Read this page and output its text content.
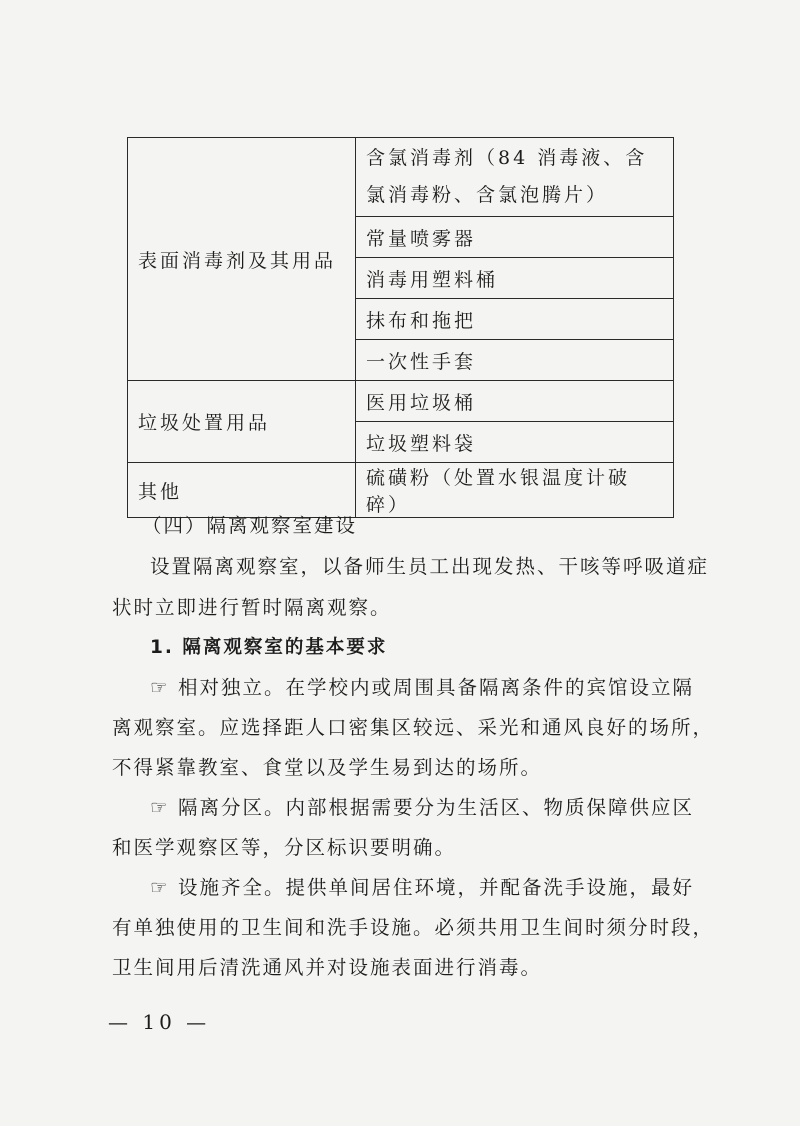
表面消毒剂及其用品	含氯消毒剂（84 消毒液、含氯消毒粉、含氯泡腾片）
	常量喷雾器
	消毒用塑料桶
	抹布和拖把
	一次性手套
垃圾处置用品	医用垃圾桶
	垃圾塑料袋
其他	硫磺粉（处置水银温度计破碎）
（四）隔离观察室建设
设置隔离观察室，以备师生员工出现发热、干咳等呼吸道症
状时立即进行暂时隔离观察。
1. 隔离观察室的基本要求
☞ 相对独立。在学校内或周围具备隔离条件的宾馆设立隔
离观察室。应选择距人口密集区较远、采光和通风良好的场所，
不得紧靠教室、食堂以及学生易到达的场所。
☞ 隔离分区。内部根据需要分为生活区、物质保障供应区
和医学观察区等，分区标识要明确。
☞ 设施齐全。提供单间居住环境，并配备洗手设施，最好
有单独使用的卫生间和洗手设施。必须共用卫生间时须分时段，
卫生间用后清洗通风并对设施表面进行消毒。
— 10 —
